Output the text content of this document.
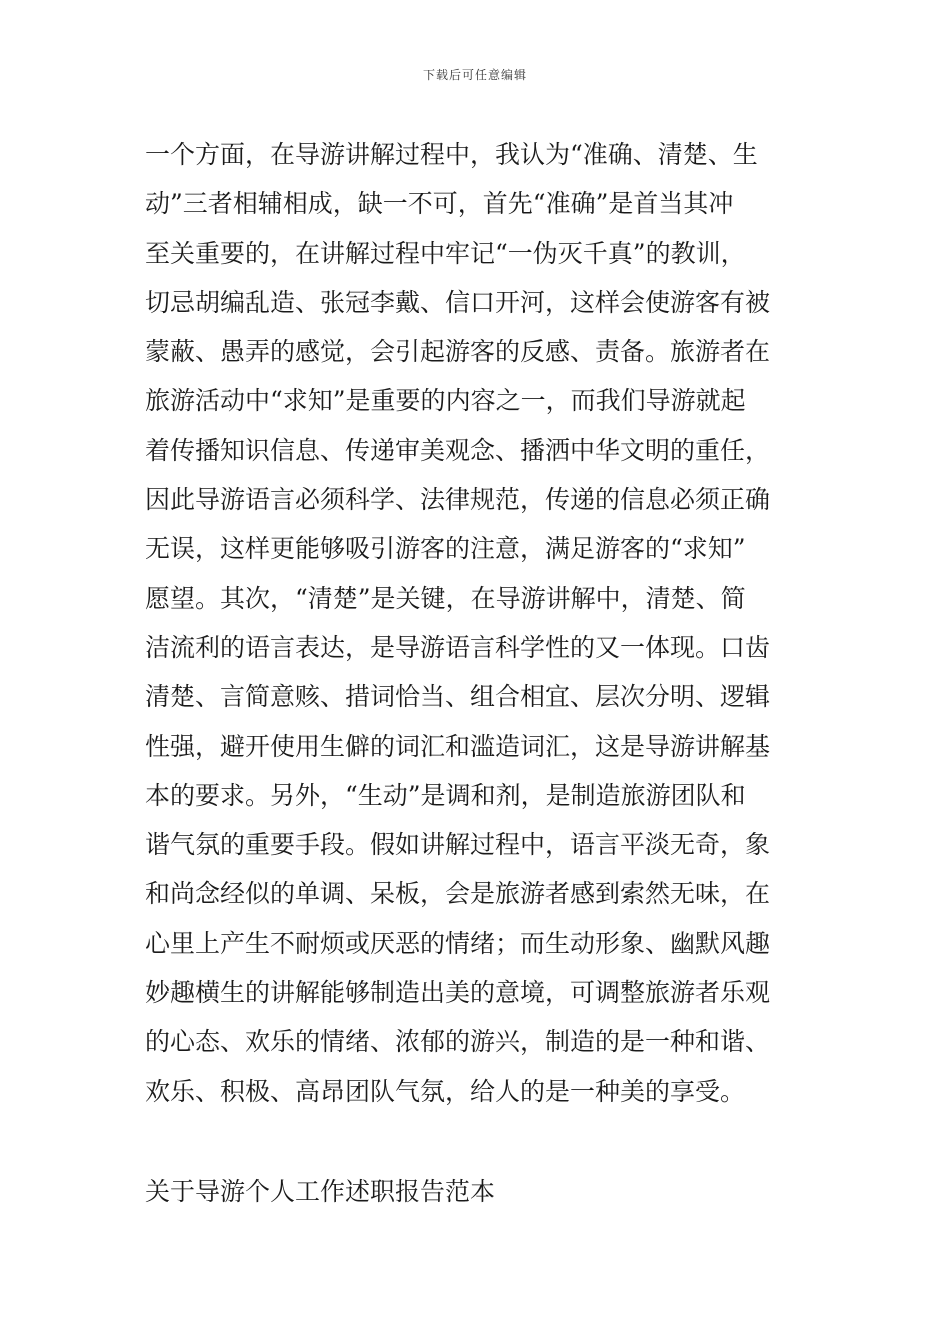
下载后可任意编辑
一个方面，在导游讲解过程中，我认为“准确、清楚、生
动”三者相辅相成，缺一不可，首先“准确”是首当其冲
至关重要的，在讲解过程中牢记“一伪灭千真”的教训，
切忌胡编乱造、张冠李戴、信口开河，这样会使游客有被
蒙蔽、愚弄的感觉，会引起游客的反感、责备。旅游者在
旅游活动中“求知”是重要的内容之一，而我们导游就起
着传播知识信息、传递审美观念、播洒中华文明的重任，
因此导游语言必须科学、法律规范，传递的信息必须正确
无误，这样更能够吸引游客的注意，满足游客的“求知”
愿望。其次，“清楚”是关键，在导游讲解中，清楚、简
洁流利的语言表达，是导游语言科学性的又一体现。口齿
清楚、言简意赅、措词恰当、组合相宜、层次分明、逻辑
性强，避开使用生僻的词汇和滥造词汇，这是导游讲解基
本的要求。另外，“生动”是调和剂，是制造旅游团队和
谐气氛的重要手段。假如讲解过程中，语言平淡无奇，象
和尚念经似的单调、呆板，会是旅游者感到索然无味，在
心里上产生不耐烦或厌恶的情绪；而生动形象、幽默风趣
妙趣横生的讲解能够制造出美的意境，可调整旅游者乐观
的心态、欢乐的情绪、浓郁的游兴，制造的是一种和谐、
欢乐、积极、高昂团队气氛，给人的是一种美的享受。
关于导游个人工作述职报告范本
